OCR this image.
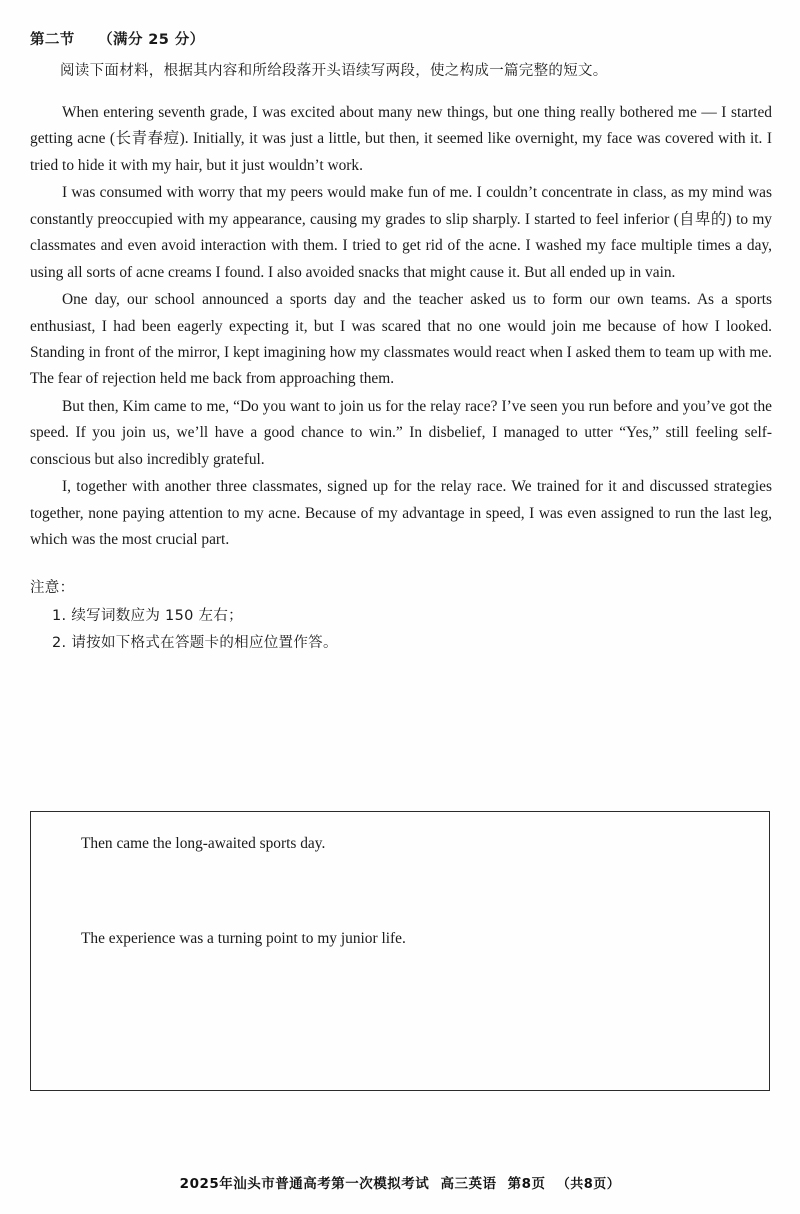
第二节 （满分 25 分）
阅读下面材料，根据其内容和所给段落开头语续写两段，使之构成一篇完整的短文。

When entering seventh grade, I was excited about many new things, but one thing really bothered me — I started getting acne (长青春痘). Initially, it was just a little, but then, it seemed like overnight, my face was covered with it. I tried to hide it with my hair, but it just wouldn’t work.

I was consumed with worry that my peers would make fun of me. I couldn’t concentrate in class, as my mind was constantly preoccupied with my appearance, causing my grades to slip sharply. I started to feel inferior (自卑的) to my classmates and even avoid interaction with them. I tried to get rid of the acne. I washed my face multiple times a day, using all sorts of acne creams I found. I also avoided snacks that might cause it. But all ended up in vain.

One day, our school announced a sports day and the teacher asked us to form our own teams. As a sports enthusiast, I had been eagerly expecting it, but I was scared that no one would join me because of how I looked. Standing in front of the mirror, I kept imagining how my classmates would react when I asked them to team up with me. The fear of rejection held me back from approaching them.

But then, Kim came to me, “Do you want to join us for the relay race? I’ve seen you run before and you’ve got the speed. If you join us, we’ll have a good chance to win.” In disbelief, I managed to utter “Yes,” still feeling self-conscious but also incredibly grateful.

I, together with another three classmates, signed up for the relay race. We trained for it and discussed strategies together, none paying attention to my acne. Because of my advantage in speed, I was even assigned to run the last leg, which was the most crucial part.

注意：
1. 续写词数应为 150 左右；
2. 请按如下格式在答题卡的相应位置作答。
Then came the long-awaited sports day.
The experience was a turning point to my junior life.
2025年汕头市普通高考第一次模拟考试 高三英语 第8页 （共8页）
